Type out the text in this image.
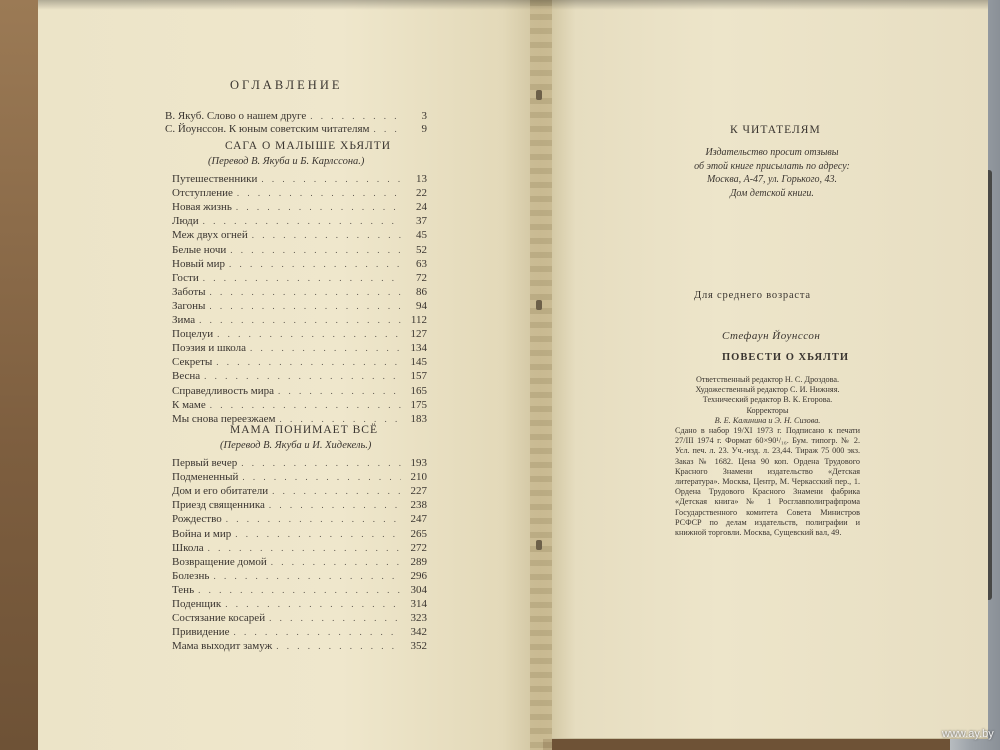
ОГЛАВЛЕНИЕ
В. Якуб. Слово о нашем друге . . .	3
С. Йоунссон. К юным советским читателям . . .	9
САГА О МАЛЫШЕ ХЬЯЛТИ
(Перевод В. Якуба и Б. Карлссона.)
Путешественники . . .	13
Отступление . . .	22
Новая жизнь . . .	24
Люди . . .	37
Меж двух огней . . .	45
Белые ночи . . .	52
Новый мир . . .	63
Гости . . .	72
Заботы . . .	86
Загоны . . .	94
Зима . . .	112
Поцелуи . . .	127
Поэзия и школа . . .	134
Секреты . . .	145
Весна . . .	157
Справедливость мира . . .	165
К маме . . .	175
Мы снова переезжаем . . .	183
МАМА ПОНИМАЕТ ВСЁ
(Перевод В. Якуба и И. Хидекель.)
Первый вечер . . .	193
Подмененный . . .	210
Дом и его обитатели . . .	227
Приезд священника . . .	238
Рождество . . .	247
Война и мир . . .	265
Школа . . .	272
Возвращение домой . . .	289
Болезнь . . .	296
Тень . . .	304
Поденщик . . .	314
Состязание косарей . . .	323
Привидение . . .	342
Мама выходит замуж . . .	352
К ЧИТАТЕЛЯМ
Издательство просит отзывы
об этой книге присылать по адресу:
Москва, А-47, ул. Горького, 43.
Дом детской книги.
Для среднего возраста
Стефаун Йоунссон
ПОВЕСТИ О ХЬЯЛТИ
Ответственный редактор Н. С. Дроздова.
Художественный редактор С. И. Нижняя.
Технический редактор В. К. Егорова.
Корректоры
В. Е. Калинина и Э. Н. Сизова.
Сдано в набор 19/XI 1973 г. Подписано к печати 27/III 1974 г. Формат 60×90¹/₁₆. Бум. типогр. № 2. Усл. печ. л. 23. Уч.-изд. л. 23,44. Тираж 75 000 экз. Заказ № 1682. Цена 90 коп. Ордена Трудового Красного Знамени издательство «Детская литература». Москва, Центр, М. Черкасский пер., 1. Ордена Трудового Красного Знамени фабрика «Детская книга» № 1 Росглавполиграфпрома Государственного комитета Совета Министров РСФСР по делам издательств, полиграфии и книжной торговли. Москва, Сущевский вал, 49.
www.ay.by
